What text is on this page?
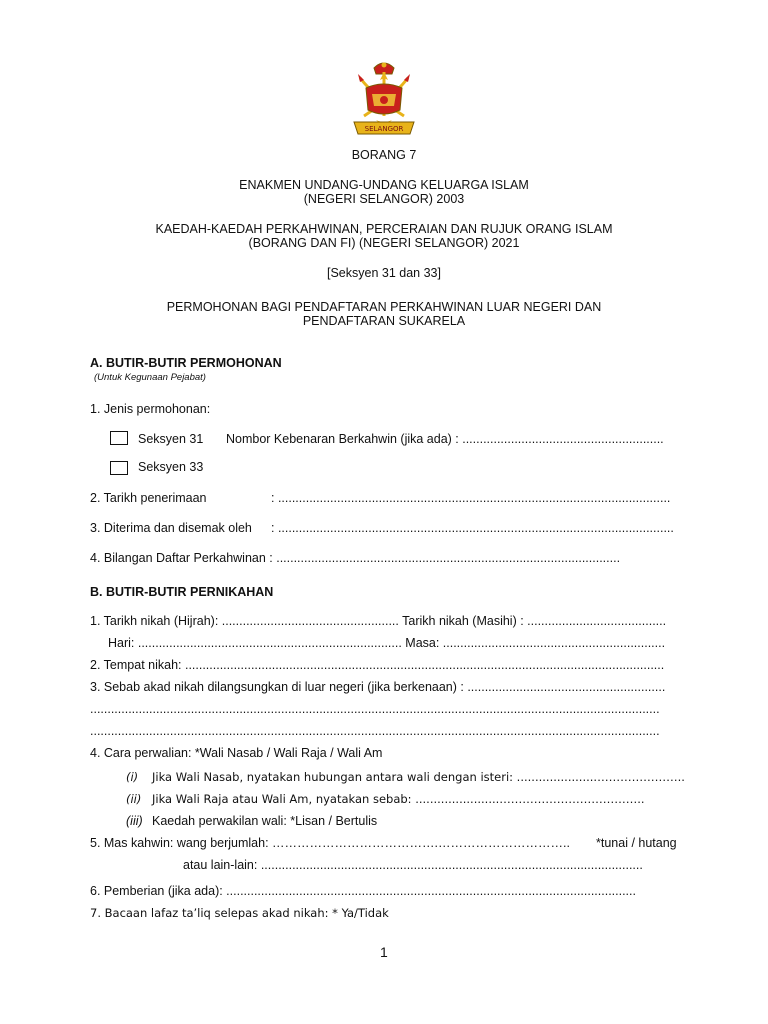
SELANGOR
BORANG 7
ENAKMEN UNDANG-UNDANG KELUARGA ISLAM
(NEGERI SELANGOR) 2003
KAEDAH-KAEDAH PERKAHWINAN, PERCERAIAN DAN RUJUK ORANG ISLAM
(BORANG DAN FI) (NEGERI SELANGOR) 2021
[Seksyen 31 dan 33]
PERMOHONAN BAGI PENDAFTARAN PERKAHWINAN LUAR NEGERI DAN
PENDAFTARAN SUKARELA
A. BUTIR-BUTIR PERMOHONAN
(Untuk Kegunaan Pejabat)
1. Jenis permohonan:
Seksyen 31 Nombor Kebenaran Berkahwin (jika ada) : ..........................................................
Seksyen 33
2. Tarikh penerimaan	: .................................................................................................................
3. Diterima dan disemak oleh : ..................................................................................................................
4. Bilangan Daftar Perkahwinan : ...................................................................................................
B. BUTIR-BUTIR PERNIKAHAN
1. Tarikh nikah (Hijrah): ................................................... Tarikh nikah (Masihi) : ........................................
Hari: ............................................................................ Masa: ................................................................
2. Tempat nikah: ..........................................................................................................................................
3. Sebab akad nikah dilangsungkan di luar negeri (jika berkenaan) : .........................................................
....................................................................................................................................................................
....................................................................................................................................................................
4. Cara perwalian: *Wali Nasab / Wali Raja / Wali Am
(i) Jika Wali Nasab, nyatakan hubungan antara wali dengan isteri: ......................…………………..
(ii) Jika Wali Raja atau Wali Am, nyatakan sebab: .......................………………………………..
(iii) Kaedah perwakilan wali: *Lisan / Bertulis
5. Mas kahwin: wang berjumlah: ………………………………….………………………….. *tunai / hutang
atau lain-lain: ..............................................................................................................
6. Pemberian (jika ada): ......................................................................................................................
7. Bacaan lafaz ta’liq selepas akad nikah: * Ya/Tidak
1
